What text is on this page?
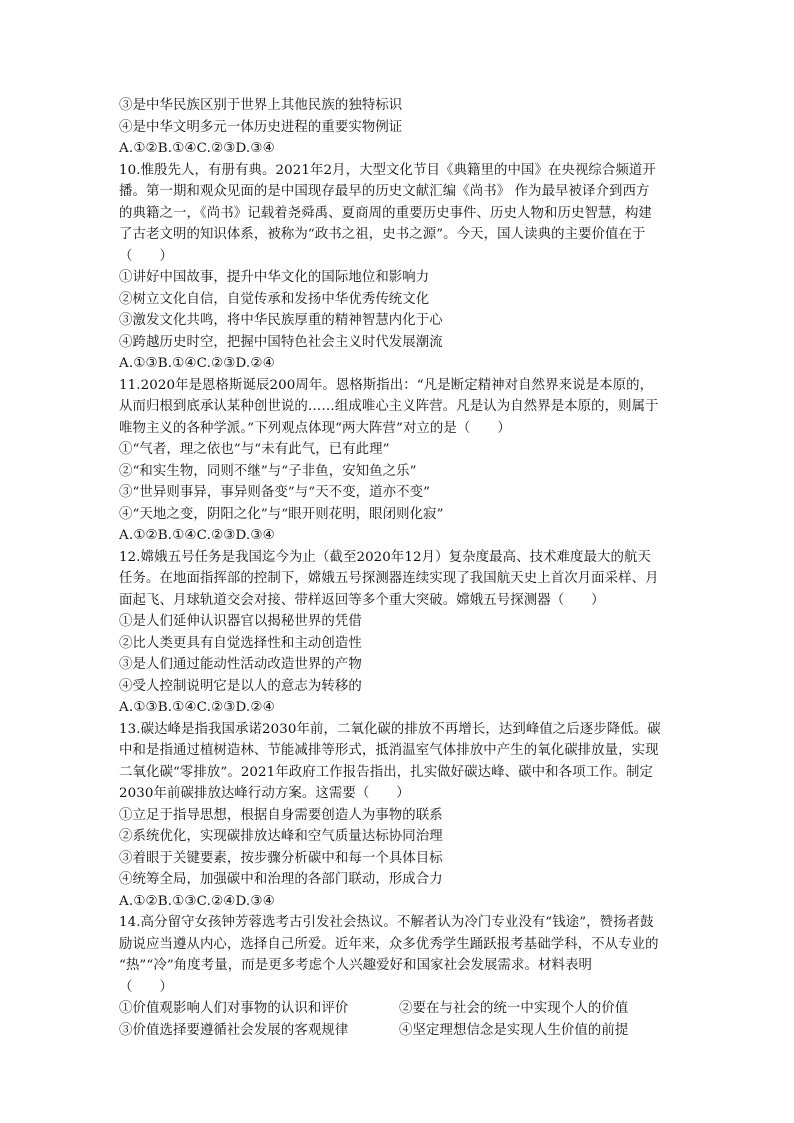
③是中华民族区别于世界上其他民族的独特标识
④是中华文明多元一体历史进程的重要实物例证
A.①②B.①④C.②③D.③④
10.惟殷先人，有册有典。2021年2月，大型文化节目《典籍里的中国》在央视综合频道开
播。第一期和观众见面的是中国现存最早的历史文献汇编《尚书》 作为最早被译介到西方
的典籍之一，《尚书》记载着尧舜禹、夏商周的重要历史事件、历史人物和历史智慧，构建
了古老文明的知识体系，被称为“政书之祖，史书之源”。今天，国人读典的主要价值在于
（　　）
①讲好中国故事，提升中华文化的国际地位和影响力
②树立文化自信，自觉传承和发扬中华优秀传统文化
③激发文化共鸣，将中华民族厚重的精神智慧内化于心
④跨越历史时空，把握中国特色社会主义时代发展潮流
A.①③B.①④C.②③D.②④
11.2020年是恩格斯诞辰200周年。恩格斯指出：“凡是断定精神对自然界来说是本原的，
从而归根到底承认某种创世说的……组成唯心主义阵营。凡是认为自然界是本原的，则属于
唯物主义的各种学派。”下列观点体现“两大阵营”对立的是（　　）
①“气者，理之依也”与“未有此气，已有此理”
②“和实生物，同则不继”与“子非鱼，安知鱼之乐”
③“世异则事异，事异则备变”与“天不变，道亦不变”
④“天地之变，阴阳之化”与“眼开则花明，眼闭则化寂”
A.①②B.①④C.②③D.③④
12.嫦娥五号任务是我国迄今为止（截至2020年12月）复杂度最高、技术难度最大的航天
任务。在地面指挥部的控制下，嫦娥五号探测器连续实现了我国航天史上首次月面采样、月
面起飞、月球轨道交会对接、带样返回等多个重大突破。嫦娥五号探测器（　　）
①是人们延伸认识器官以揭秘世界的凭借
②比人类更具有自觉选择性和主动创造性
③是人们通过能动性活动改造世界的产物
④受人控制说明它是以人的意志为转移的
A.①③B.①④C.②③D.②④
13.碳达峰是指我国承诺2030年前，二氧化碳的排放不再增长，达到峰值之后逐步降低。碳
中和是指通过植树造林、节能减排等形式，抵消温室气体排放中产生的氧化碳排放量，实现
二氧化碳“零排放”。2021年政府工作报告指出，扎实做好碳达峰、碳中和各项工作。制定
2030年前碳排放达峰行动方案。这需要（　　）
①立足于指导思想，根据自身需要创造人为事物的联系
②系统优化，实现碳排放达峰和空气质量达标协同治理
③着眼于关键要素，按步骤分析碳中和每一个具体目标
④统筹全局，加强碳中和治理的各部门联动，形成合力
A.①②B.①③C.②④D.③④
14.高分留守女孩钟芳蓉选考古引发社会热议。不解者认为冷门专业没有“钱途”，赞扬者鼓
励说应当遵从内心，选择自己所爱。近年来，众多优秀学生踊跃报考基础学科，不从专业的
“热”“冷”角度考量，而是更多考虑个人兴趣爱好和国家社会发展需求。材料表明
（　　）
①价值观影响人们对事物的认识和评价	②要在与社会的统一中实现个人的价值
③价值选择要遵循社会发展的客观规律	④坚定理想信念是实现人生价值的前提
